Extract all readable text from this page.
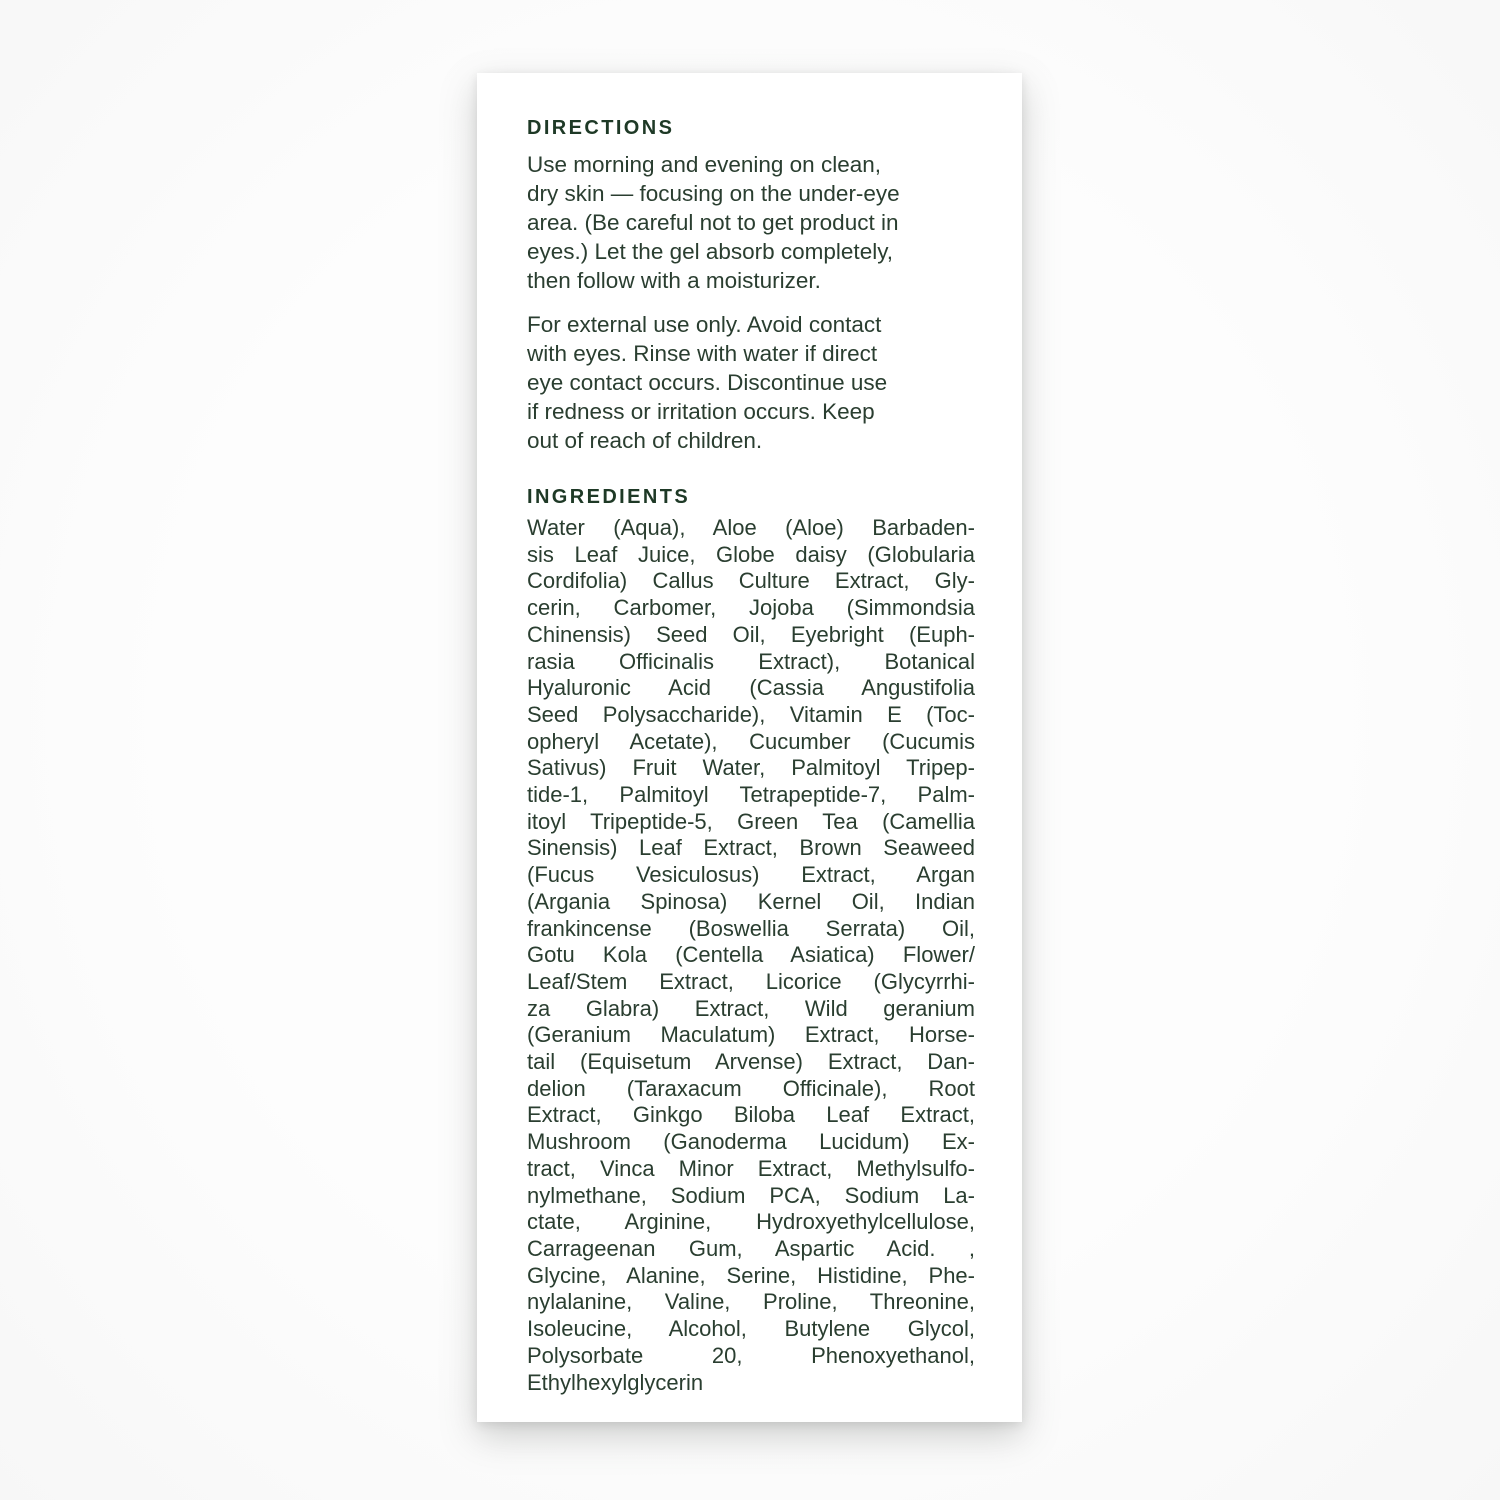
DIRECTIONS
Use morning and evening on clean,
dry skin — focusing on the under-eye
area. (Be careful not to get product in
eyes.) Let the gel absorb completely,
then follow with a moisturizer.
For external use only. Avoid contact
with eyes. Rinse with water if direct
eye contact occurs. Discontinue use
if redness or irritation occurs. Keep
out of reach of children.
INGREDIENTS
Water (Aqua), Aloe (Aloe) Barbaden-
sis Leaf Juice, Globe daisy (Globularia
Cordifolia) Callus Culture Extract, Gly-
cerin, Carbomer, Jojoba (Simmondsia
Chinensis) Seed Oil, Eyebright (Euph-
rasia Officinalis Extract), Botanical
Hyaluronic Acid (Cassia Angustifolia
Seed Polysaccharide), Vitamin E (Toc-
opheryl Acetate), Cucumber (Cucumis
Sativus) Fruit Water, Palmitoyl Tripep-
tide-1, Palmitoyl Tetrapeptide-7, Palm-
itoyl Tripeptide-5, Green Tea (Camellia
Sinensis) Leaf Extract, Brown Seaweed
(Fucus Vesiculosus) Extract, Argan
(Argania Spinosa) Kernel Oil, Indian
frankincense (Boswellia Serrata) Oil,
Gotu Kola (Centella Asiatica) Flower/
Leaf/Stem Extract, Licorice (Glycyrrhi-
za Glabra) Extract, Wild geranium
(Geranium Maculatum) Extract, Horse-
tail (Equisetum Arvense) Extract, Dan-
delion (Taraxacum Officinale), Root
Extract, Ginkgo Biloba Leaf Extract,
Mushroom (Ganoderma Lucidum) Ex-
tract, Vinca Minor Extract, Methylsulfo-
nylmethane, Sodium PCA, Sodium La-
ctate, Arginine, Hydroxyethylcellulose,
Carrageenan Gum, Aspartic Acid. ,
Glycine, Alanine, Serine, Histidine, Phe-
nylalanine, Valine, Proline, Threonine,
Isoleucine, Alcohol, Butylene Glycol,
Polysorbate 20, Phenoxyethanol,
Ethylhexylglycerin
